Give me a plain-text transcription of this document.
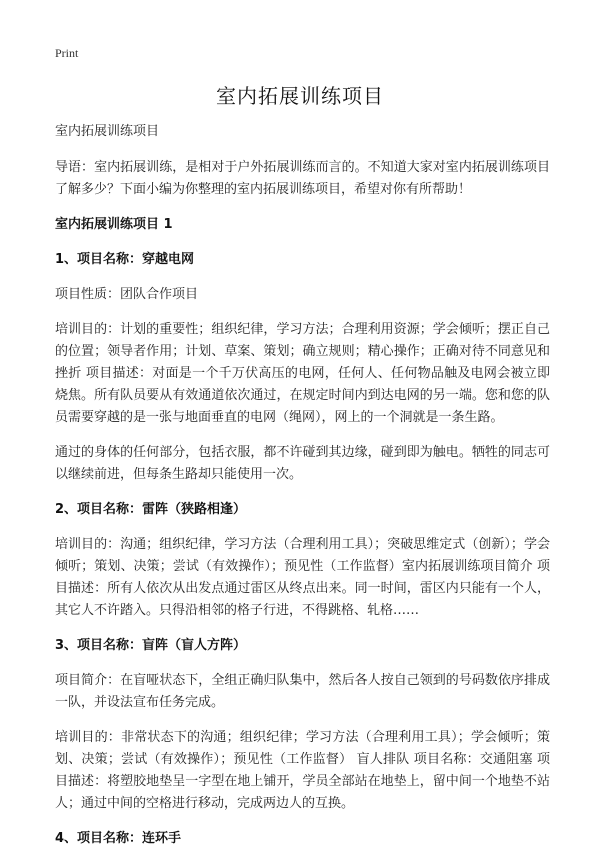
Print
室内拓展训练项目
室内拓展训练项目
导语：室内拓展训练，是相对于户外拓展训练而言的。不知道大家对室内拓展训练项目了解多少？下面小编为你整理的室内拓展训练项目，希望对你有所帮助！
室内拓展训练项目 1
1、项目名称：穿越电网
项目性质：团队合作项目
培训目的：计划的重要性；组织纪律，学习方法；合理利用资源；学会倾听；摆正自己的位置；领导者作用；计划、草案、策划；确立规则；精心操作；正确对待不同意见和挫折 项目描述：对面是一个千万伏高压的电网，任何人、任何物品触及电网会被立即烧焦。所有队员要从有效通道依次通过，在规定时间内到达电网的另一端。您和您的队员需要穿越的是一张与地面垂直的电网（绳网），网上的一个洞就是一条生路。
通过的身体的任何部分，包括衣服，都不许碰到其边缘，碰到即为触电。牺牲的同志可以继续前进，但每条生路却只能使用一次。
2、项目名称：雷阵（狭路相逢）
培训目的：沟通；组织纪律，学习方法（合理利用工具）；突破思维定式（创新）；学会倾听；策划、决策；尝试（有效操作）；预见性（工作监督）室内拓展训练项目简介 项目描述：所有人依次从出发点通过雷区从终点出来。同一时间，雷区内只能有一个人，其它人不许踏入。只得沿相邻的格子行进，不得跳格、轧格……
3、项目名称：盲阵（盲人方阵）
项目简介：在盲哑状态下，全组正确归队集中，然后各人按自己领到的号码数依序排成一队，并设法宣布任务完成。
培训目的：非常状态下的沟通；组织纪律；学习方法（合理利用工具）；学会倾听；策划、决策；尝试（有效操作）；预见性（工作监督） 盲人排队 项目名称：交通阻塞 项目描述：将塑胶地垫呈一字型在地上铺开，学员全部站在地垫上，留中间一个地垫不站人；通过中间的空格进行移动，完成两边人的互换。
4、项目名称：连环手
